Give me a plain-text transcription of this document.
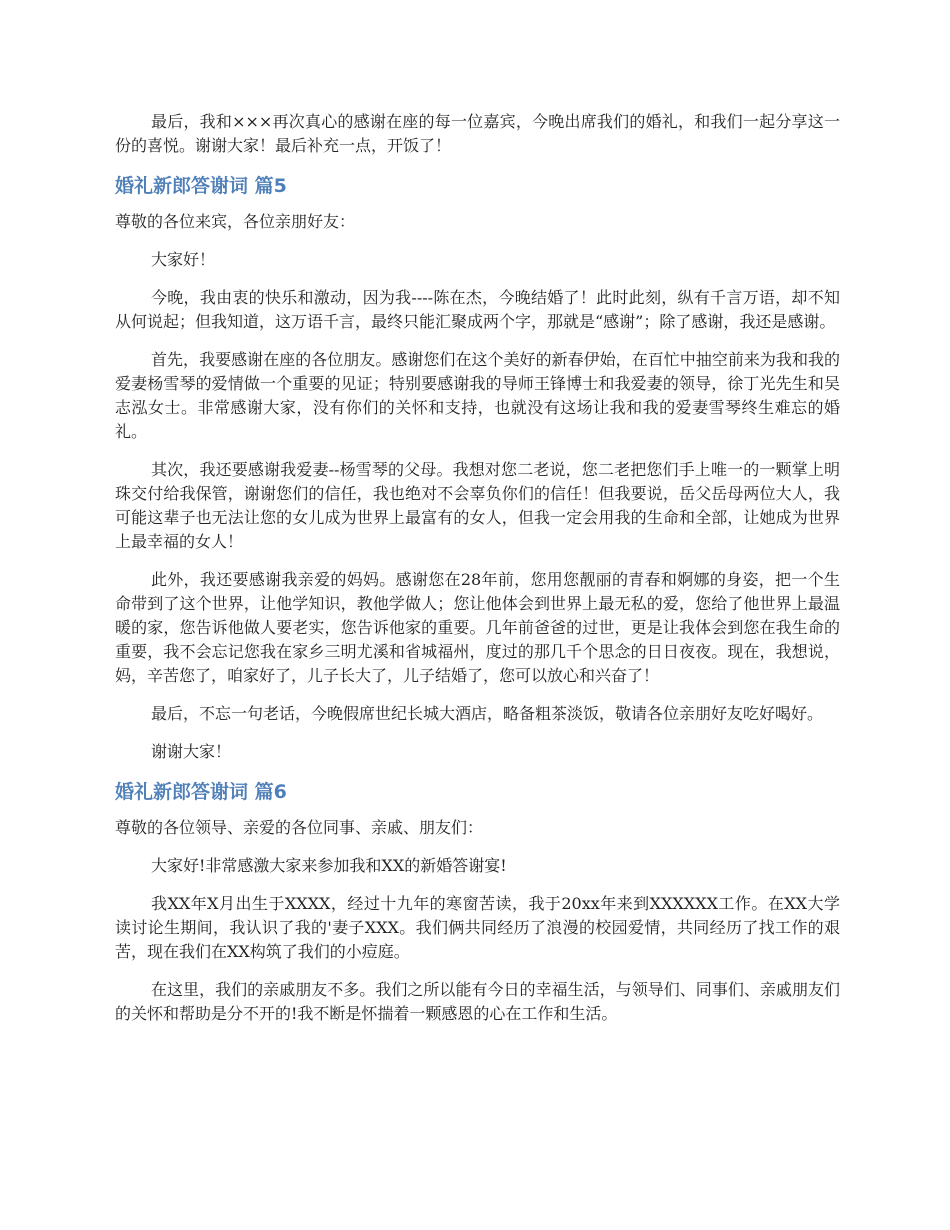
最后，我和×××再次真心的感谢在座的每一位嘉宾，今晚出席我们的婚礼，和我们一起分享这一份的喜悦。谢谢大家！最后补充一点，开饭了！

婚礼新郎答谢词 篇5

尊敬的各位来宾，各位亲朋好友：

大家好！

今晚，我由衷的快乐和激动，因为我----陈在杰，今晚结婚了！此时此刻，纵有千言万语，却不知从何说起；但我知道，这万语千言，最终只能汇聚成两个字，那就是“感谢”；除了感谢，我还是感谢。

首先，我要感谢在座的各位朋友。感谢您们在这个美好的新春伊始，在百忙中抽空前来为我和我的爱妻杨雪琴的爱情做一个重要的见证；特别要感谢我的导师王锋博士和我爱妻的领导，徐丁光先生和吴志泓女士。非常感谢大家，没有你们的关怀和支持，也就没有这场让我和我的爱妻雪琴终生难忘的婚礼。

其次，我还要感谢我爱妻--杨雪琴的父母。我想对您二老说，您二老把您们手上唯一的一颗掌上明珠交付给我保管，谢谢您们的信任，我也绝对不会辜负你们的信任！但我要说，岳父岳母两位大人，我可能这辈子也无法让您的女儿成为世界上最富有的女人，但我一定会用我的生命和全部，让她成为世界上最幸福的女人！

此外，我还要感谢我亲爱的妈妈。感谢您在28年前，您用您靓丽的青春和婀娜的身姿，把一个生命带到了这个世界，让他学知识，教他学做人；您让他体会到世界上最无私的爱，您给了他世界上最温暖的家，您告诉他做人要老实，您告诉他家的重要。几年前爸爸的过世，更是让我体会到您在我生命的重要，我不会忘记您我在家乡三明尤溪和省城福州，度过的那几千个思念的日日夜夜。现在，我想说，妈，辛苦您了，咱家好了，儿子长大了，儿子结婚了，您可以放心和兴奋了！

最后，不忘一句老话，今晚假席世纪长城大酒店，略备粗茶淡饭，敬请各位亲朋好友吃好喝好。

谢谢大家！

婚礼新郎答谢词 篇6

尊敬的各位领导、亲爱的各位同事、亲戚、朋友们：

大家好!非常感激大家来参加我和XX的新婚答谢宴!

我XX年X月出生于XXXX，经过十九年的寒窗苦读，我于20xx年来到XXXXXX工作。在XX大学读讨论生期间，我认识了我的'妻子XXX。我们俩共同经历了浪漫的校园爱情，共同经历了找工作的艰苦，现在我们在XX构筑了我们的小痘庭。

在这里，我们的亲戚朋友不多。我们之所以能有今日的幸福生活，与领导们、同事们、亲戚朋友们的关怀和帮助是分不开的!我不断是怀揣着一颗感恩的心在工作和生活。
